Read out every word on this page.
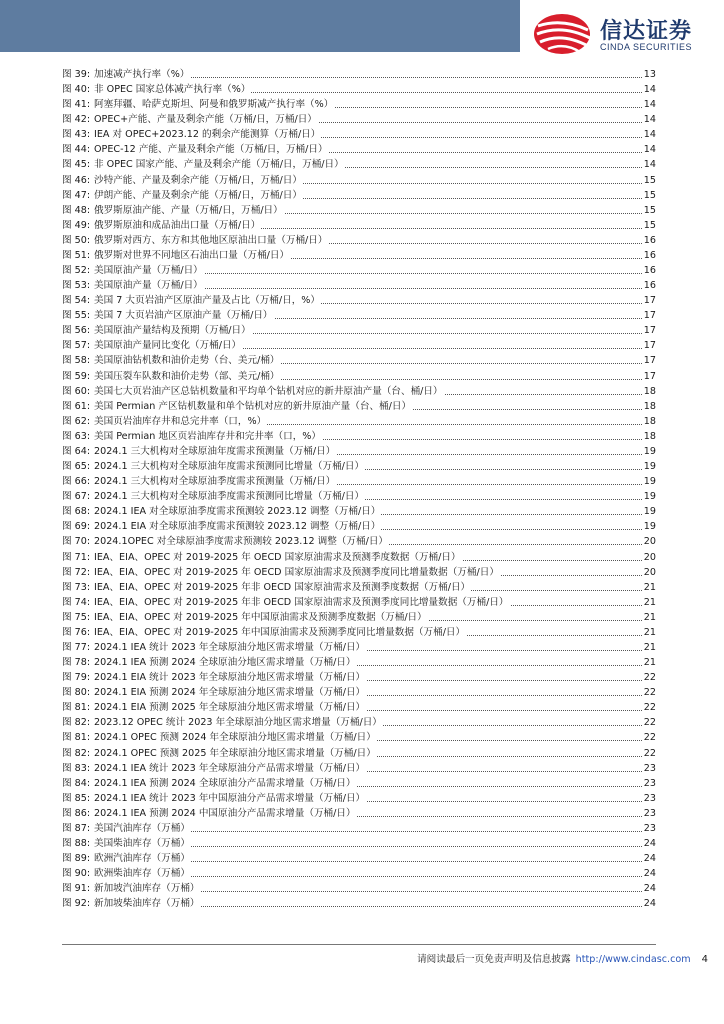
信达证券
CINDA SECURITIES
图 39: 加速减产执行率（%）	13
图 40: 非 OPEC 国家总体减产执行率（%）	14
图 41: 阿塞拜疆、哈萨克斯坦、阿曼和俄罗斯减产执行率（%）	14
图 42: OPEC+产能、产量及剩余产能（万桶/日，万桶/日）	14
图 43: IEA 对 OPEC+2023.12 的剩余产能测算（万桶/日）	14
图 44: OPEC-12 产能、产量及剩余产能（万桶/日，万桶/日）	14
图 45: 非 OPEC 国家产能、产量及剩余产能（万桶/日，万桶/日）	14
图 46: 沙特产能、产量及剩余产能（万桶/日，万桶/日）	15
图 47: 伊朗产能、产量及剩余产能（万桶/日，万桶/日）	15
图 48: 俄罗斯原油产能、产量（万桶/日，万桶/日）	15
图 49: 俄罗斯原油和成品油出口量（万桶/日）	15
图 50: 俄罗斯对西方、东方和其他地区原油出口量（万桶/日）	16
图 51: 俄罗斯对世界不同地区石油出口量（万桶/日）	16
图 52: 美国原油产量（万桶/日）	16
图 53: 美国原油产量（万桶/日）	16
图 54: 美国 7 大页岩油产区原油产量及占比（万桶/日，%）	17
图 55: 美国 7 大页岩油产区原油产量（万桶/日）	17
图 56: 美国原油产量结构及预期（万桶/日）	17
图 57: 美国原油产量同比变化（万桶/日）	17
图 58: 美国原油钻机数和油价走势（台、美元/桶）	17
图 59: 美国压裂车队数和油价走势（部、美元/桶）	17
图 60: 美国七大页岩油产区总钻机数量和平均单个钻机对应的新井原油产量（台、桶/日）	18
图 61: 美国 Permian 产区钻机数量和单个钻机对应的新井原油产量（台、桶/日）	18
图 62: 美国页岩油库存井和总完井率（口，%）	18
图 63: 美国 Permian 地区页岩油库存井和完井率（口，%）	18
图 64: 2024.1 三大机构对全球原油年度需求预测量（万桶/日）	19
图 65: 2024.1 三大机构对全球原油年度需求预测同比增量（万桶/日）	19
图 66: 2024.1 三大机构对全球原油季度需求预测量（万桶/日）	19
图 67: 2024.1 三大机构对全球原油季度需求预测同比增量（万桶/日）	19
图 68: 2024.1 IEA 对全球原油季度需求预测较 2023.12 调整（万桶/日）	19
图 69: 2024.1 EIA 对全球原油季度需求预测较 2023.12 调整（万桶/日）	19
图 70: 2024.1OPEC 对全球原油季度需求预测较 2023.12 调整（万桶/日）	20
图 71: IEA、EIA、OPEC 对 2019-2025 年 OECD 国家原油需求及预测季度数据（万桶/日）	20
图 72: IEA、EIA、OPEC 对 2019-2025 年 OECD 国家原油需求及预测季度同比增量数据（万桶/日）	20
图 73: IEA、EIA、OPEC 对 2019-2025 年非 OECD 国家原油需求及预测季度数据（万桶/日）	21
图 74: IEA、EIA、OPEC 对 2019-2025 年非 OECD 国家原油需求及预测季度同比增量数据（万桶/日）	21
图 75: IEA、EIA、OPEC 对 2019-2025 年中国原油需求及预测季度数据（万桶/日）	21
图 76: IEA、EIA、OPEC 对 2019-2025 年中国原油需求及预测季度同比增量数据（万桶/日）	21
图 77: 2024.1 IEA 统计 2023 年全球原油分地区需求增量（万桶/日）	21
图 78: 2024.1 IEA 预测 2024 全球原油分地区需求增量（万桶/日）	21
图 79: 2024.1 EIA 统计 2023 年全球原油分地区需求增量（万桶/日）	22
图 80: 2024.1 EIA 预测 2024 年全球原油分地区需求增量（万桶/日）	22
图 81: 2024.1 EIA 预测 2025 年全球原油分地区需求增量（万桶/日）	22
图 82: 2023.12 OPEC 统计 2023 年全球原油分地区需求增量（万桶/日）	22
图 81: 2024.1 OPEC 预测 2024 年全球原油分地区需求增量（万桶/日）	22
图 82: 2024.1 OPEC 预测 2025 年全球原油分地区需求增量（万桶/日）	22
图 83: 2024.1 IEA 统计 2023 年全球原油分产品需求增量（万桶/日）	23
图 84: 2024.1 IEA 预测 2024 全球原油分产品需求增量（万桶/日）	23
图 85: 2024.1 IEA 统计 2023 年中国原油分产品需求增量（万桶/日）	23
图 86: 2024.1 IEA 预测 2024 中国原油分产品需求增量（万桶/日）	23
图 87: 美国汽油库存（万桶）	23
图 88: 美国柴油库存（万桶）	24
图 89: 欧洲汽油库存（万桶）	24
图 90: 欧洲柴油库存（万桶）	24
图 91: 新加坡汽油库存（万桶）	24
图 92: 新加坡柴油库存（万桶）	24
请阅读最后一页免责声明及信息披露 http://www.cindasc.com 4
